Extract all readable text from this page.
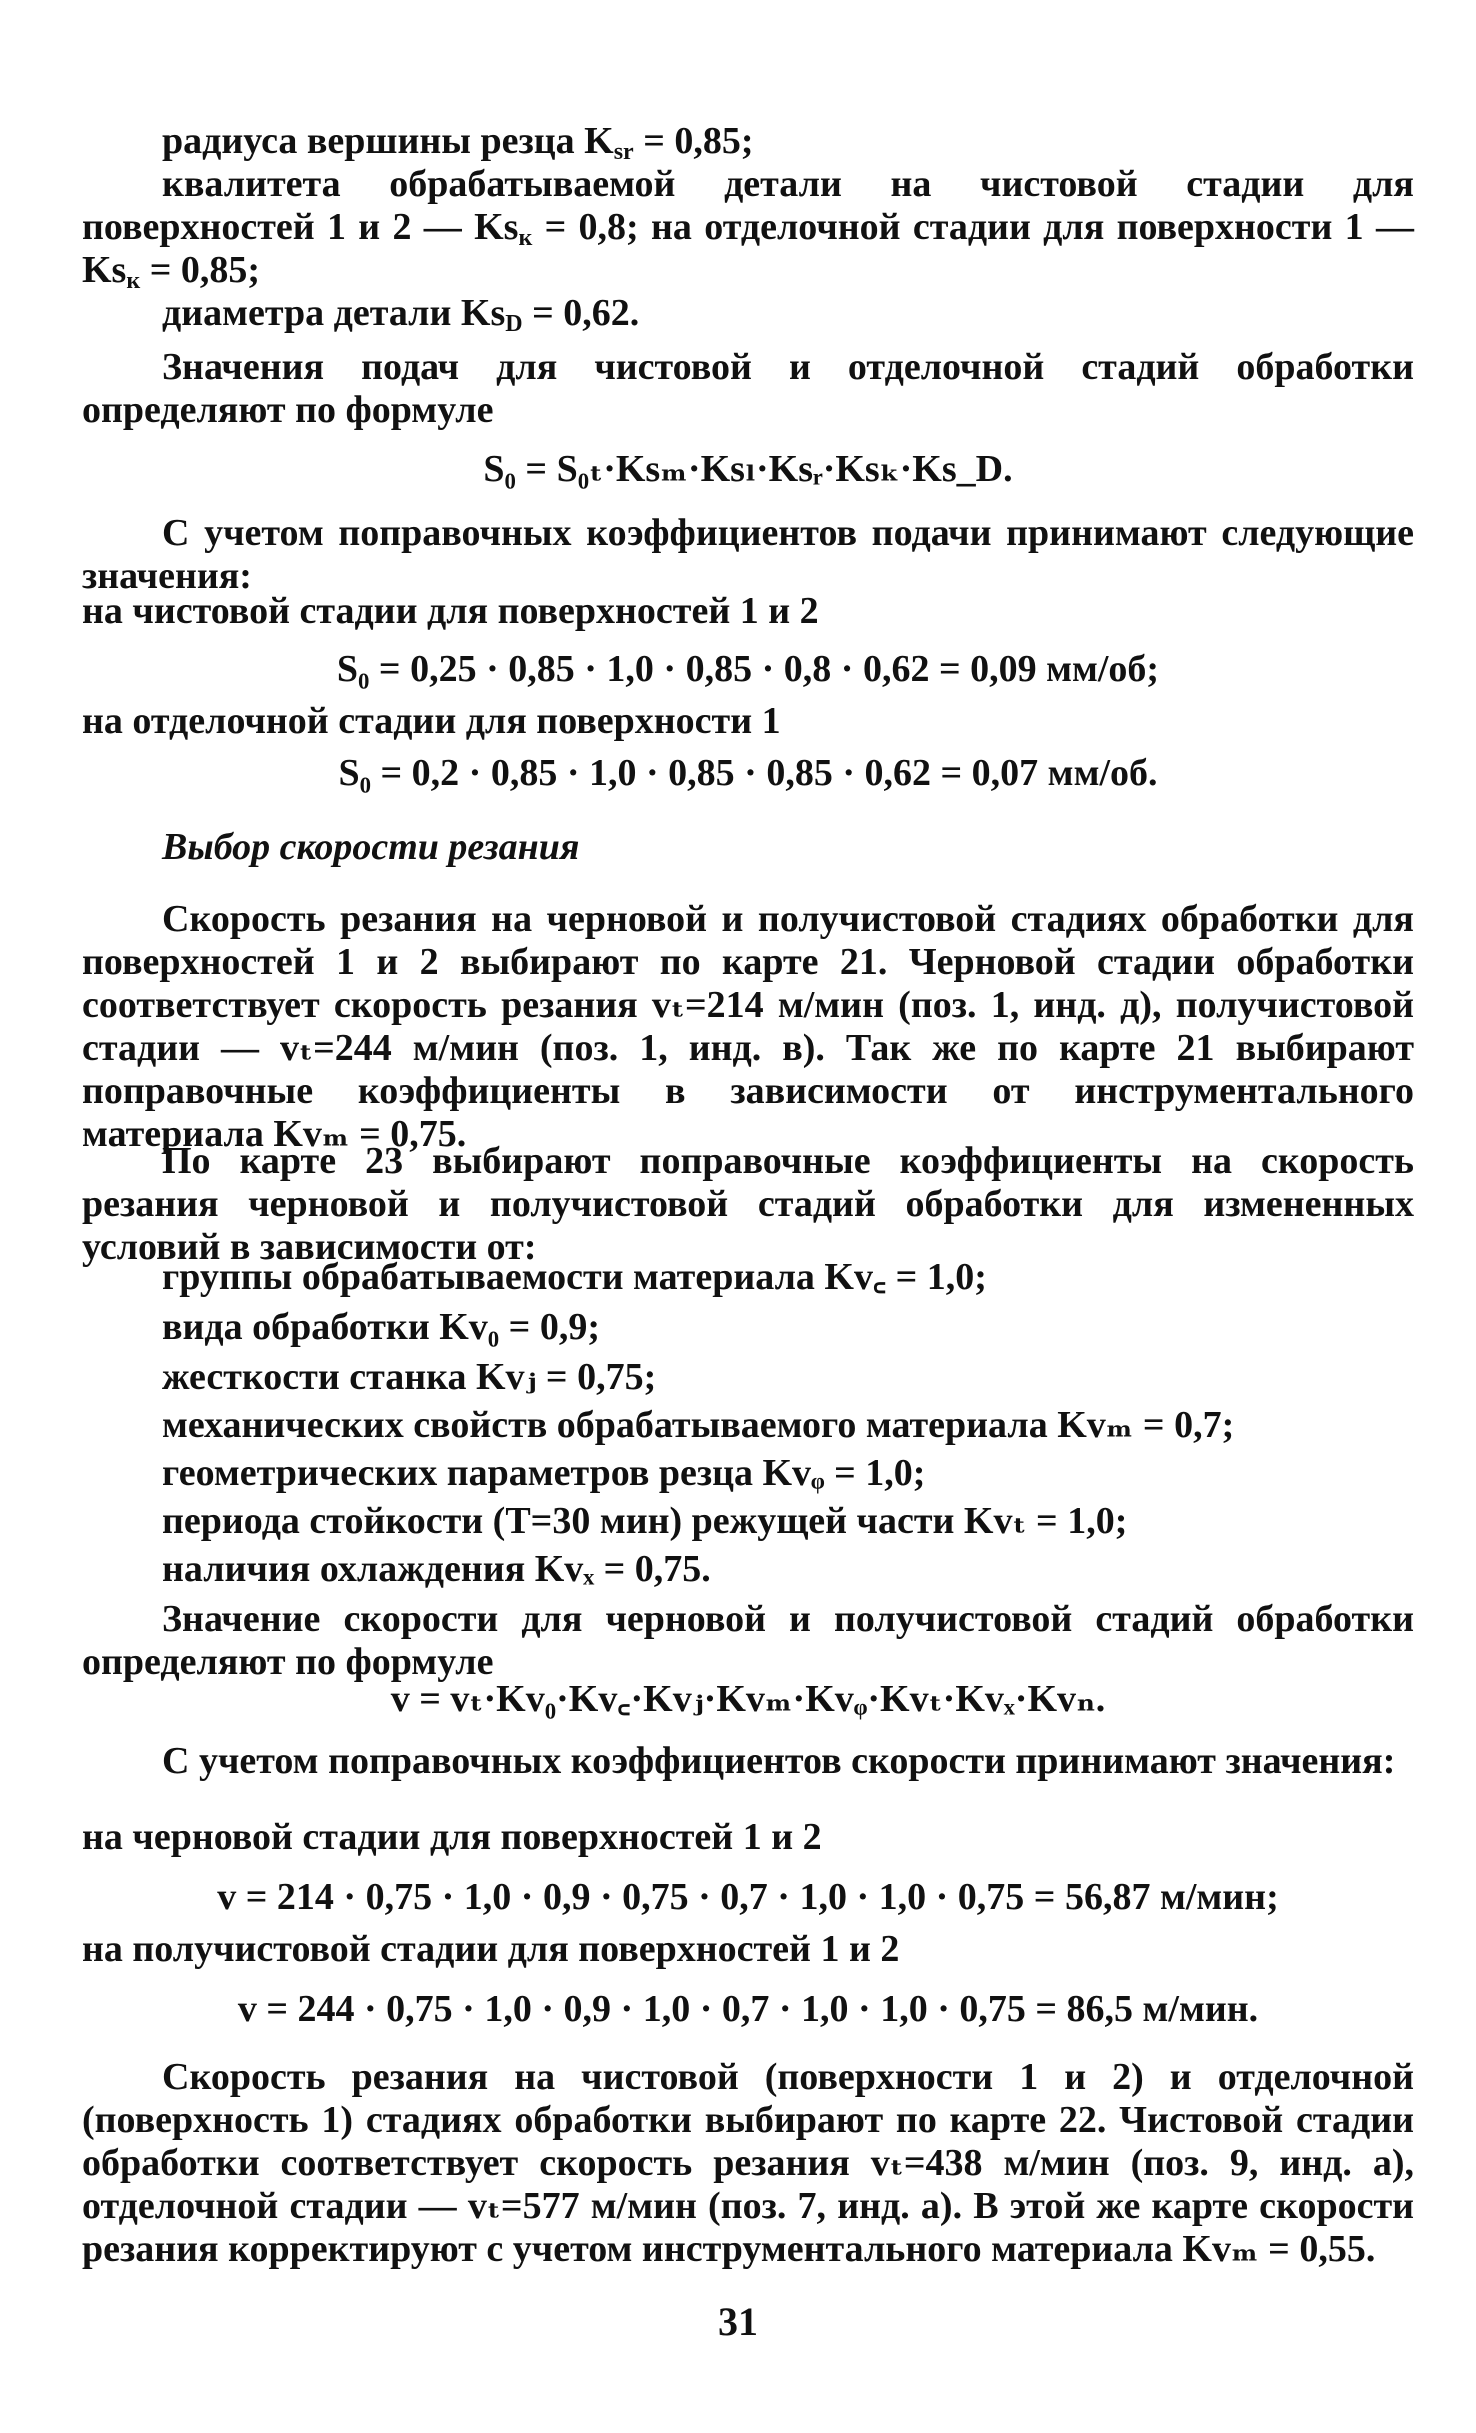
радиуса вершины резца $K_{sr} = 0,85$;
квалитета обрабатываемой детали на чистовой стадии для поверхностей 1 и 2 — $Ks_к = 0,8$; на отделочной стадии для поверхности 1 — $Ks_к = 0,85$;
диаметра детали $Ks_D = 0,62$.

Значения подач для чистовой и отделочной стадий обработки определяют по формуле

S₀ = S₀ₜ·Ksₘ·Ksₗ·Ksᵣ·Ksₖ·Ks_D.

С учетом поправочных коэффициентов подачи принимают следующие значения:

на чистовой стадии для поверхностей 1 и 2
S₀ = 0,25 · 0,85 · 1,0 · 0,85 · 0,8 · 0,62 = 0,09 мм/об;
на отделочной стадии для поверхности 1
S₀ = 0,2 · 0,85 · 1,0 · 0,85 · 0,85 · 0,62 = 0,07 мм/об.
Выбор скорости резания

Скорость резания на черновой и получистовой стадиях обработки для поверхностей 1 и 2 выбирают по карте 21. Черновой стадии обработки соответствует скорость резания vₜ=214 м/мин (поз. 1, инд. д), получистовой стадии — vₜ=244 м/мин (поз. 1, инд. в). Так же по карте 21 выбирают поправочные коэффициенты в зависимости от инструментального материала Kvₘ = 0,75.

По карте 23 выбирают поправочные коэффициенты на скорость резания черновой и получистовой стадий обработки для измененных условий в зависимости от:

группы обрабатываемости материала Kv꜀ = 1,0;
вида обработки Kv₀ = 0,9;
жесткости станка Kvⱼ = 0,75;
механических свойств обрабатываемого материала Kvₘ = 0,7;
геометрических параметров резца Kvᵩ = 1,0;
периода стойкости (T=30 мин) режущей части Kvₜ = 1,0;
наличия охлаждения Kvₓ = 0,75.

Значение скорости для черновой и получистовой стадий обработки определяют по формуле

v = vₜ·Kv₀·Kv꜀·Kvⱼ·Kvₘ·Kvᵩ·Kvₜ·Kvₓ·Kvₙ.

С учетом поправочных коэффициентов скорости принимают значения:

на черновой стадии для поверхностей 1 и 2
v = 214 · 0,75 · 1,0 · 0,9 · 0,75 · 0,7 · 1,0 · 1,0 · 0,75 = 56,87 м/мин;
на получистовой стадии для поверхностей 1 и 2
v = 244 · 0,75 · 1,0 · 0,9 · 1,0 · 0,7 · 1,0 · 1,0 · 0,75 = 86,5 м/мин.

Скорость резания на чистовой (поверхности 1 и 2) и отделочной (поверхность 1) стадиях обработки выбирают по карте 22. Чистовой стадии обработки соответствует скорость резания vₜ=438 м/мин (поз. 9, инд. а), отделочной стадии — vₜ=577 м/мин (поз. 7, инд. а). В этой же карте скорости резания корректируют с учетом инструментального материала Kvₘ = 0,55.

31
